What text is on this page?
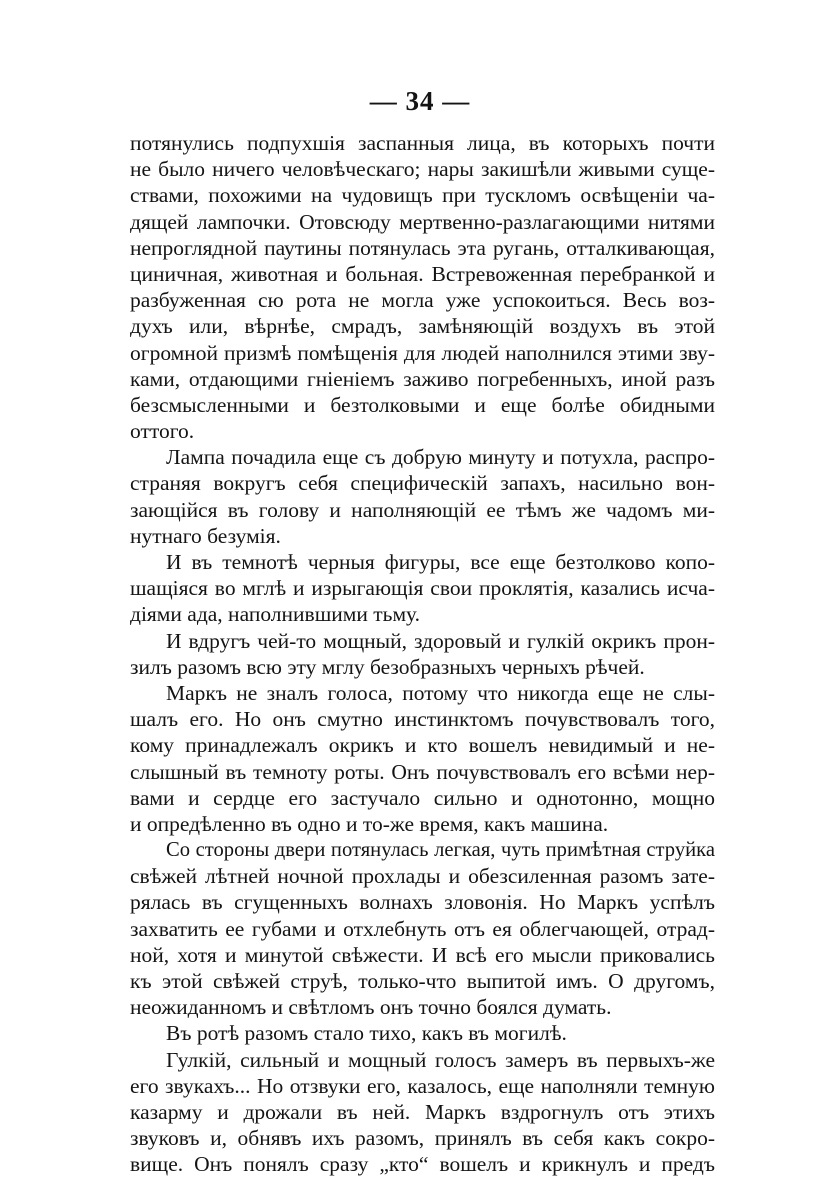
— 34 —
потянулись подпухшія заспанныя лица, въ которыхъ почти
не было ничего человѣческаго; нары закишѣли живыми суще-
ствами, похожими на чудовищъ при тускломъ освѣщеніи ча-
дящей лампочки. Отовсюду мертвенно-разлагающими нитями
непроглядной паутины потянулась эта ругань, отталкивающая,
циничная, животная и больная. Встревоженная перебранкой и
разбуженная сю рота не могла уже успокоиться. Весь воз-
духъ или, вѣрнѣе, смрадъ, замѣняющій воздухъ въ этой
огромной призмѣ помѣщенія для людей наполнился этими зву-
ками, отдающими гніеніемъ заживо погребенныхъ, иной разъ
безсмысленными и безтолковыми и еще болѣе обидными
оттого.
Лампа почадила еще съ добрую минуту и потухла, распро-
страняя вокругъ себя специфическій запахъ, насильно вон-
зающійся въ голову и наполняющій ее тѣмъ же чадомъ ми-
нутнаго безумія.
И въ темнотѣ черныя фигуры, все еще безтолково копо-
шащіяся во мглѣ и изрыгающія свои проклятія, казались исча-
діями ада, наполнившими тьму.
И вдругъ чей-то мощный, здоровый и гулкій окрикъ прон-
зилъ разомъ всю эту мглу безобразныхъ черныхъ рѣчей.
Маркъ не зналъ голоса, потому что никогда еще не слы-
шалъ его. Но онъ смутно инстинктомъ почувствовалъ того,
кому принадлежалъ окрикъ и кто вошелъ невидимый и не-
слышный въ темноту роты. Онъ почувствовалъ его всѣми нер-
вами и сердце его застучало сильно и однотонно, мощно
и опредѣленно въ одно и то-же время, какъ машина.
Со стороны двери потянулась легкая, чуть примѣтная струйка
свѣжей лѣтней ночной прохлады и обезсиленная разомъ зате-
рялась въ сгущенныхъ волнахъ зловонія. Но Маркъ успѣлъ
захватить ее губами и отхлебнуть отъ ея облегчающей, отрад-
ной, хотя и минутой свѣжести. И всѣ его мысли приковались
къ этой свѣжей струѣ, только-что выпитой имъ. О другомъ,
неожиданномъ и свѣтломъ онъ точно боялся думать.
Въ ротѣ разомъ стало тихо, какъ въ могилѣ.
Гулкій, сильный и мощный голосъ замеръ въ первыхъ-же
его звукахъ... Но отзвуки его, казалось, еще наполняли темную
казарму и дрожали въ ней. Маркъ вздрогнулъ отъ этихъ
звуковъ и, обнявъ ихъ разомъ, принялъ въ себя какъ сокро-
вище. Онъ понялъ сразу „кто“ вошелъ и крикнулъ и предъ
